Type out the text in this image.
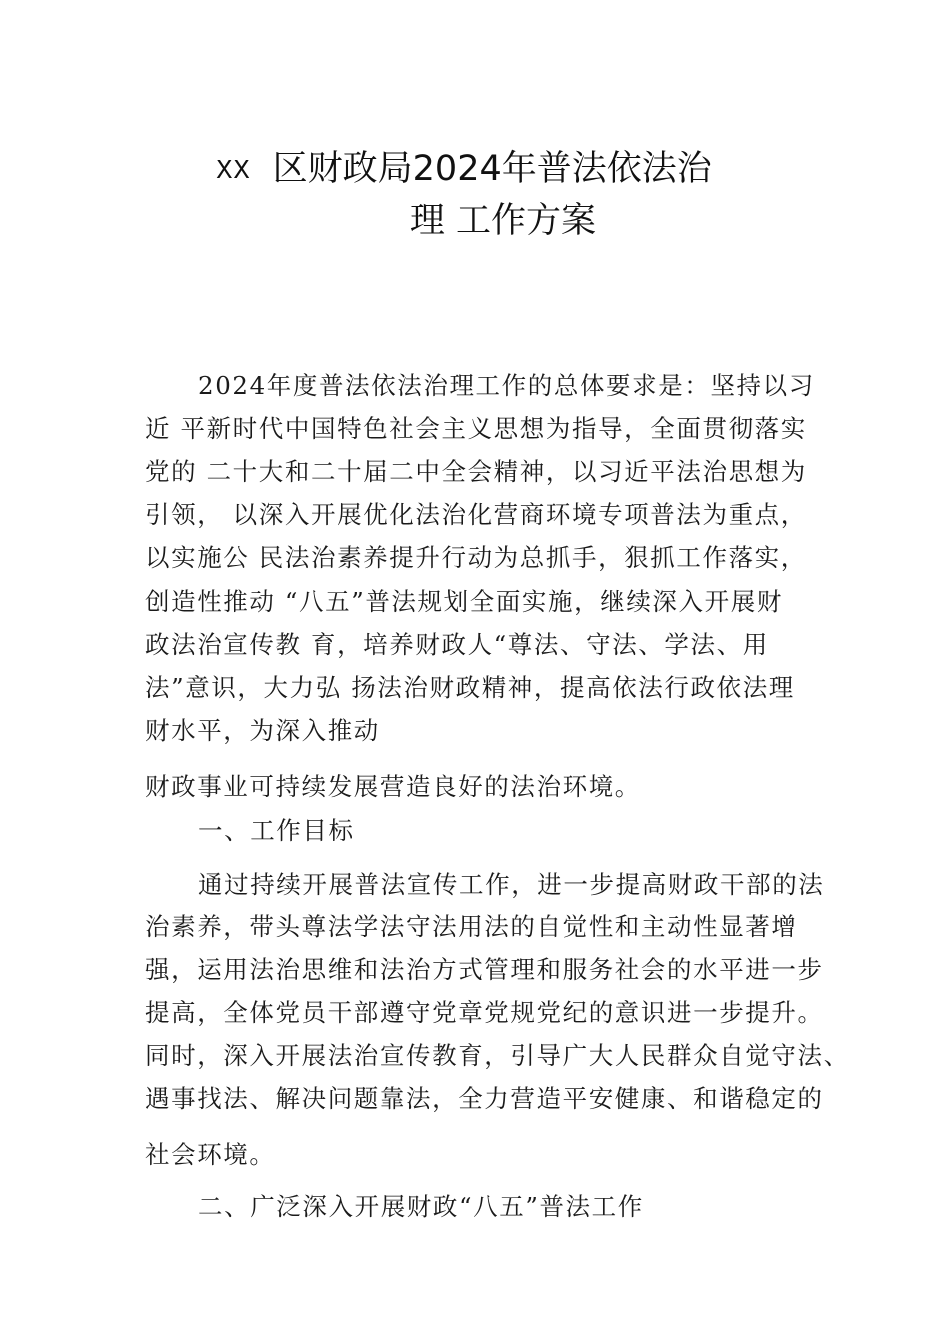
XX 区财政局2024年普法依法治
理 工作方案

2024年度普法依法治理工作的总体要求是：坚持以习

近 平新时代中国特色社会主义思想为指导，全面贯彻落实

党的 二十大和二十届二中全会精神，以习近平法治思想为

引领， 以深入开展优化法治化营商环境专项普法为重点，

以实施公 民法治素养提升行动为总抓手，狠抓工作落实，

创造性推动 “八五”普法规划全面实施，继续深入开展财

政法治宣传教 育，培养财政人“尊法、守法、学法、用

法”意识，大力弘 扬法治财政精神，提高依法行政依法理

财水平，为深入推动

财政事业可持续发展营造良好的法治环境。

一、工作目标

通过持续开展普法宣传工作，进一步提高财政干部的法

治素养，带头尊法学法守法用法的自觉性和主动性显著增

强，运用法治思维和法治方式管理和服务社会的水平进一步

提高，全体党员干部遵守党章党规党纪的意识进一步提升。

同时，深入开展法治宣传教育，引导广大人民群众自觉守法、

遇事找法、解决问题靠法，全力营造平安健康、和谐稳定的

社会环境。

二、广泛深入开展财政“八五”普法工作
